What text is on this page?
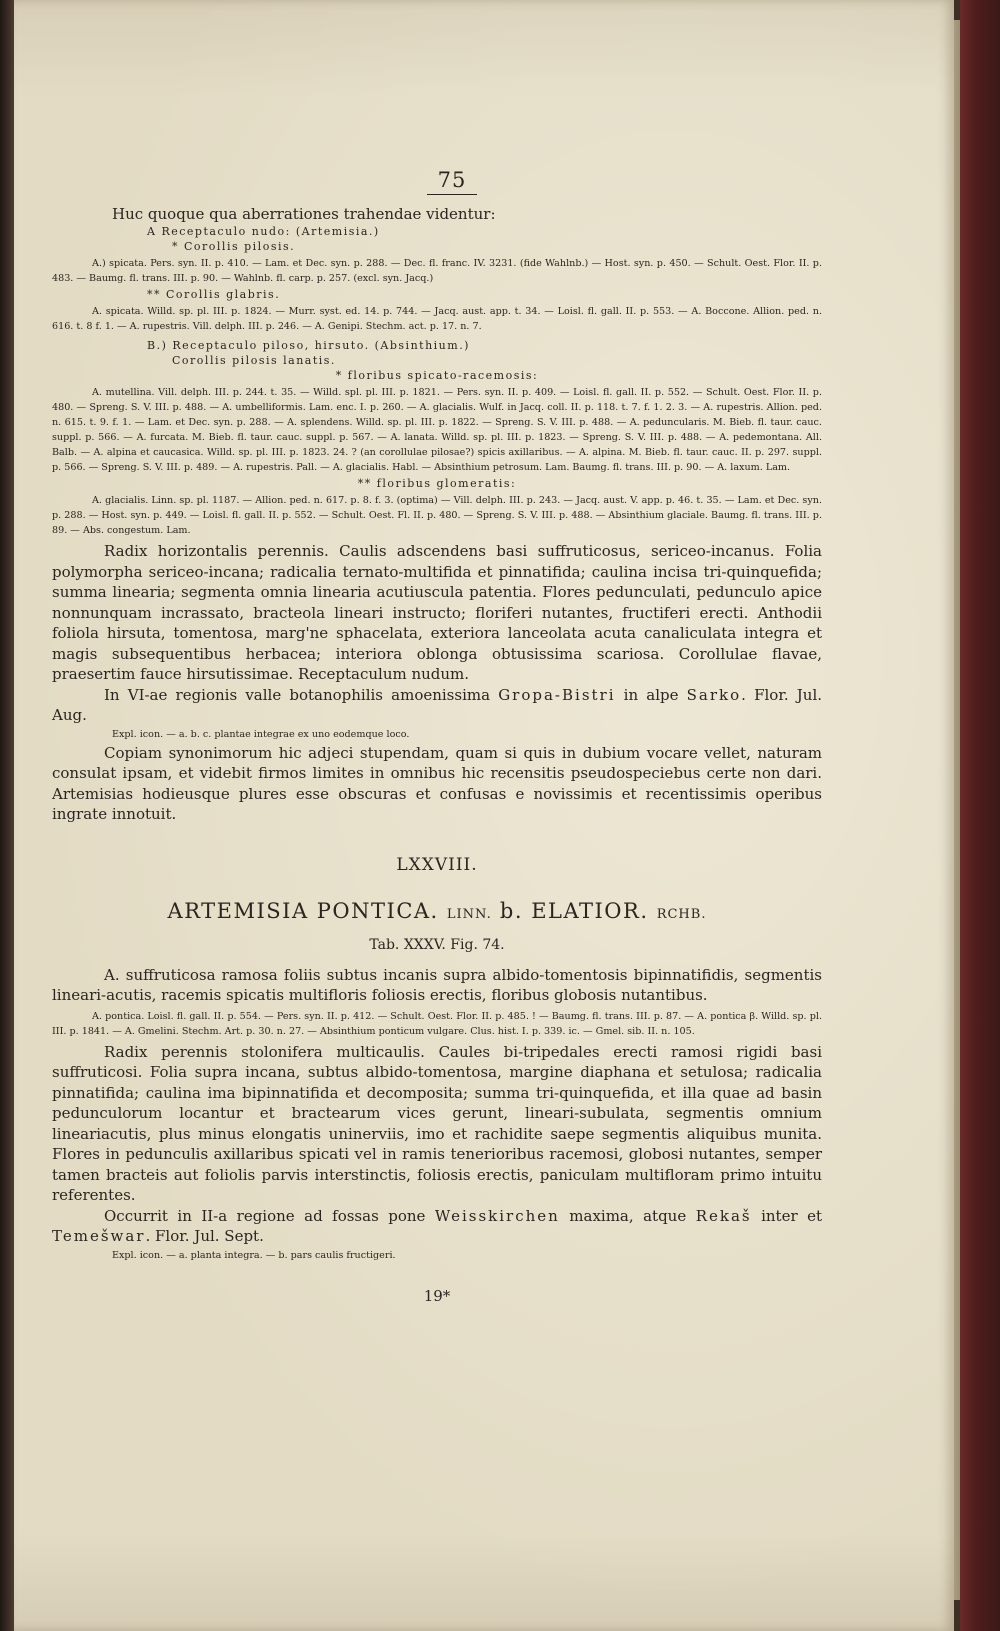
75
Huc quoque qua aberrationes trahendae videntur:
A Receptaculo nudo: (Artemisia.)
* Corollis pilosis.

A.) spicata. Pers. syn. II. p. 410. — Lam. et Dec. syn. p. 288. — Dec. fl. franc. IV. 3231. (fide Wahlnb.) — Host. syn. p. 450. — Schult. Oest. Flor. II. p. 483. — Baumg. fl. trans. III. p. 90. — Wahlnb. fl. carp. p. 257. (excl. syn. Jacq.)

** Corollis glabris.

A. spicata. Willd. sp. pl. III. p. 1824. — Murr. syst. ed. 14. p. 744. — Jacq. aust. app. t. 34. — Loisl. fl. gall. II. p. 553. — A. Boccone. Allion. ped. n. 616. t. 8 f. 1. — A. rupestris. Vill. delph. III. p. 246. — A. Genipi. Stechm. act. p. 17. n. 7.

B.) Receptaculo piloso, hirsuto. (Absinthium.)
Corollis pilosis lanatis.
* floribus spicato-racemosis:

A. mutellina. Vill. delph. III. p. 244. t. 35. — Willd. spl. pl. III. p. 1821. — Pers. syn. II. p. 409. — Loisl. fl. gall. II. p. 552. — Schult. Oest. Flor. II. p. 480. — Spreng. S. V. III. p. 488. — A. umbelliformis. Lam. enc. I. p. 260. — A. glacialis. Wulf. in Jacq. coll. II. p. 118. t. 7. f. 1. 2. 3. — A. rupestris. Allion. ped. n. 615. t. 9. f. 1. — Lam. et Dec. syn. p. 288. — A. splendens. Willd. sp. pl. III. p. 1822. — Spreng. S. V. III. p. 488. — A. peduncularis. M. Bieb. fl. taur. cauc. suppl. p. 566. — A. furcata. M. Bieb. fl. taur. cauc. suppl. p. 567. — A. lanata. Willd. sp. pl. III. p. 1823. — Spreng. S. V. III. p. 488. — A. pedemontana. All. Balb. — A. alpina et caucasica. Willd. sp. pl. III. p. 1823. 24. ? (an corollulae pilosae?) spicis axillaribus. — A. alpina. M. Bieb. fl. taur. cauc. II. p. 297. suppl. p. 566. — Spreng. S. V. III. p. 489. — A. rupestris. Pall. — A. glacialis. Habl. — Absinthium petrosum. Lam. Baumg. fl. trans. III. p. 90. — A. laxum. Lam.

** floribus glomeratis:

A. glacialis. Linn. sp. pl. 1187. — Allion. ped. n. 617. p. 8. f. 3. (optima) — Vill. delph. III. p. 243. — Jacq. aust. V. app. p. 46. t. 35. — Lam. et Dec. syn. p. 288. — Host. syn. p. 449. — Loisl. fl. gall. II. p. 552. — Schult. Oest. Fl. II. p. 480. — Spreng. S. V. III. p. 488. — Absinthium glaciale. Baumg. fl. trans. III. p. 89. — Abs. congestum. Lam.

Radix horizontalis perennis. Caulis adscendens basi suffruticosus, sericeo-incanus. Folia polymorpha sericeo-incana; radicalia ternato-multifida et pinnatifida; caulina incisa tri-quinquefida; summa linearia; segmenta omnia linearia acutiuscula patentia. Flores pedunculati, pedunculo apice nonnunquam incrassato, bracteola lineari instructo; floriferi nutantes, fructiferi erecti. Anthodii foliola hirsuta, tomentosa, marg'ne sphacelata, exteriora lanceolata acuta canaliculata integra et magis subsequentibus herbacea; interiora oblonga obtusissima scariosa. Corollulae flavae, praesertim fauce hirsutissimae. Receptaculum nudum.

In VI-ae regionis valle botanophilis amoenissima Gropa-Bistri in alpe Sarko. Flor. Jul. Aug.

Expl. icon. — a. b. c. plantae integrae ex uno eodemque loco.

Copiam synonimorum hic adjeci stupendam, quam si quis in dubium vocare vellet, naturam consulat ipsam, et videbit firmos limites in omnibus hic recensitis pseudospeciebus certe non dari. Artemisias hodieusque plures esse obscuras et confusas e novissimis et recentissimis operibus ingrate innotuit.

LXXVIII.
ARTEMISIA PONTICA. LINN. b. ELATIOR. RCHB.
Tab. XXXV. Fig. 74.

A. suffruticosa ramosa foliis subtus incanis supra albido-tomentosis bipinnatifidis, segmentis lineari-acutis, racemis spicatis multifloris foliosis erectis, floribus globosis nutantibus.

A. pontica. Loisl. fl. gall. II. p. 554. — Pers. syn. II. p. 412. — Schult. Oest. Flor. II. p. 485. ! — Baumg. fl. trans. III. p. 87. — A. pontica β. Willd. sp. pl. III. p. 1841. — A. Gmelini. Stechm. Art. p. 30. n. 27. — Absinthium ponticum vulgare. Clus. hist. I. p. 339. ic. — Gmel. sib. II. n. 105.

Radix perennis stolonifera multicaulis. Caules bi-tripedales erecti ramosi rigidi basi suffruticosi. Folia supra incana, subtus albido-tomentosa, margine diaphana et setulosa; radicalia pinnatifida; caulina ima bipinnatifida et decomposita; summa tri-quinquefida, et illa quae ad basin pedunculorum locantur et bractearum vices gerunt, lineari-subulata, segmentis omnium lineariacutis, plus minus elongatis uninerviis, imo et rachidite saepe segmentis aliquibus munita. Flores in pedunculis axillaribus spicati vel in ramis tenerioribus racemosi, globosi nutantes, semper tamen bracteis aut foliolis parvis interstinctis, foliosis erectis, paniculam multifloram primo intuitu referentes.

Occurrit in II-a regione ad fossas pone Weisskirchen maxima, atque Rekaš inter et Temešwar. Flor. Jul. Sept.

Expl. icon. — a. planta integra. — b. pars caulis fructigeri.
19*
